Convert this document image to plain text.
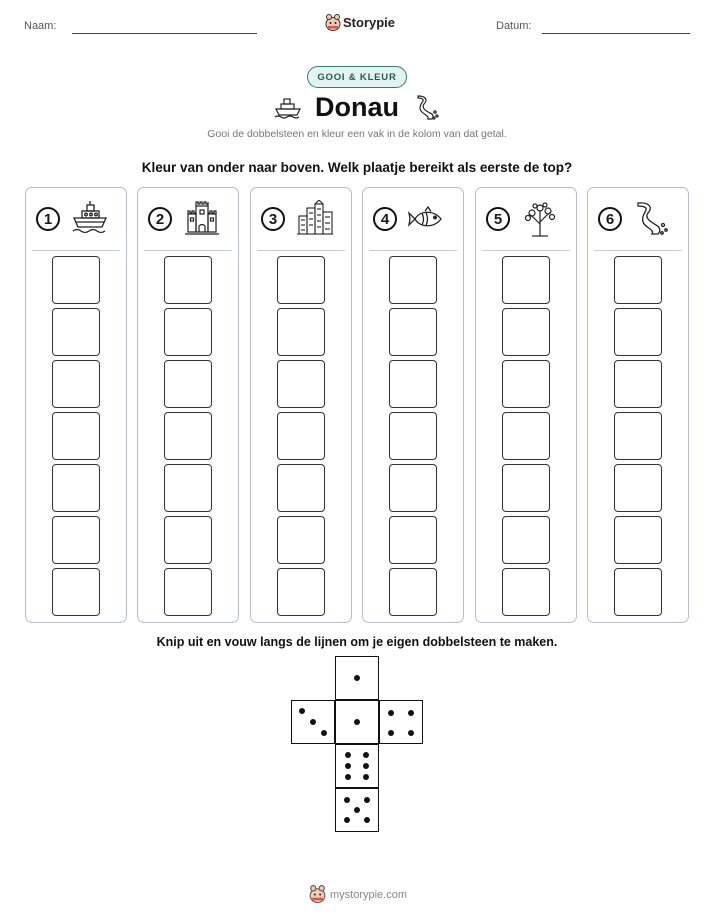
Naam:	Datum:
Storypie
GOOI & KLEUR
Donau
Gooi de dobbelsteen en kleur een vak in de kolom van dat getal.
Kleur van onder naar boven. Welk plaatje bereikt als eerste de top?
1	2	3	4	5	6
Knip uit en vouw langs de lijnen om je eigen dobbelsteen te maken.
mystorypie.com
